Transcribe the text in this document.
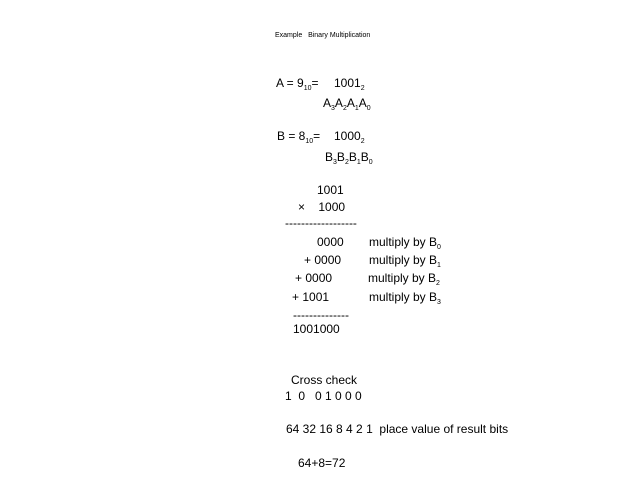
Example   Binary Multiplication
$A = 9_{10}= 1001_2$
$A_3A_2A_1A_0$
$B = 8_{10}= 1000_2$
$B_3B_2B_1B_0$
1001
×    1000
------------------
0000 multiply by $B_0$
+ 0000 multiply by $B_1$
+ 0000	multiply by $B_2$
+ 1001	multiply by $B_3$
--------------
1001000
Cross check
1  0   0 1 0 0 0
64 32 16 8 4 2 1  place value of result bits
64+8=72
